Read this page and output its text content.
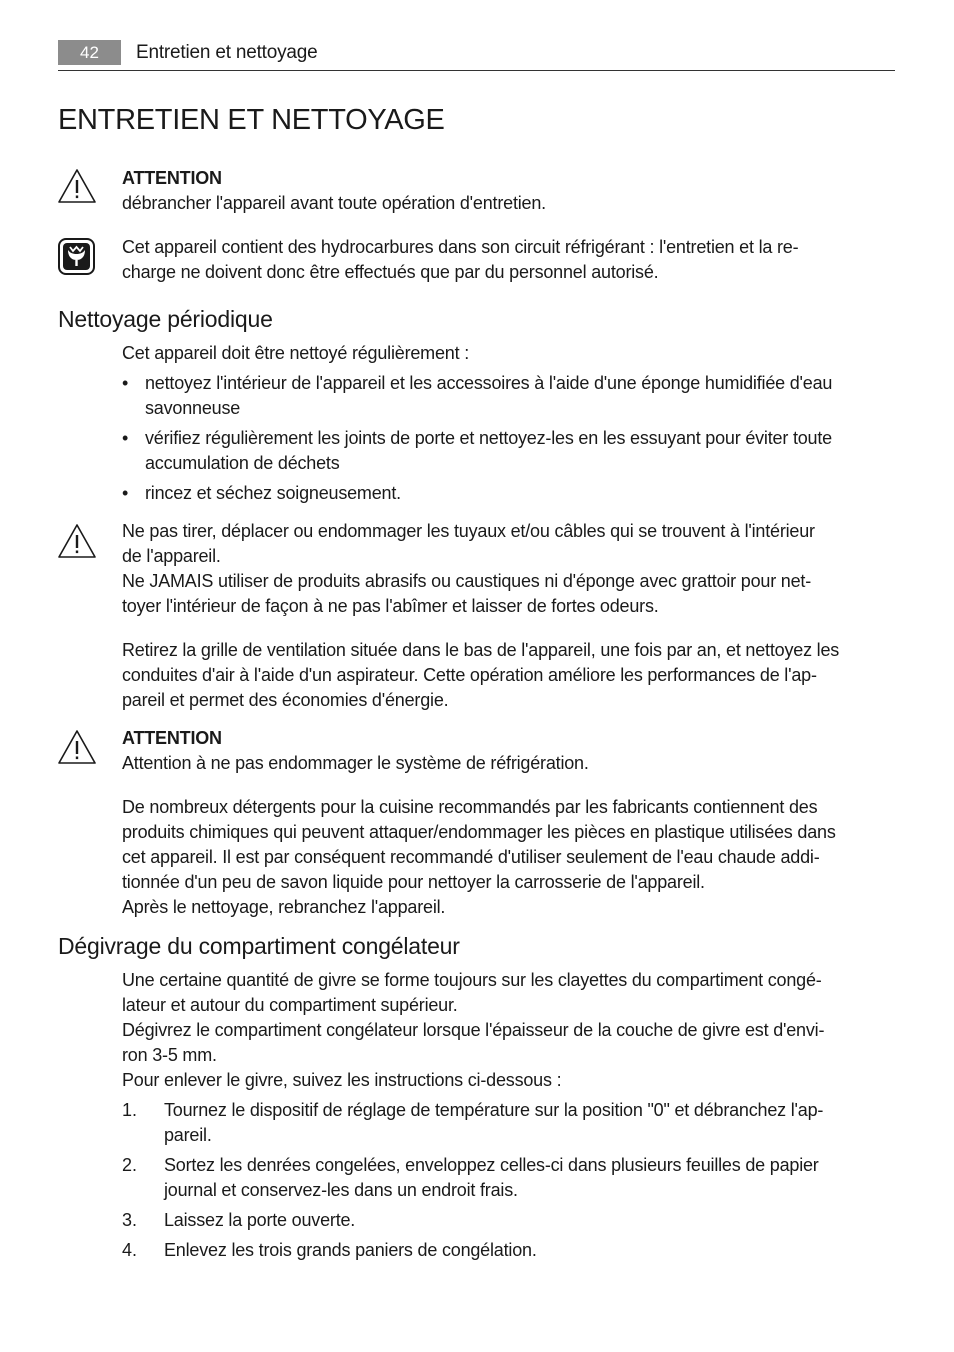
42	Entretien et nettoyage
ENTRETIEN ET NETTOYAGE
ATTENTION
débrancher l'appareil avant toute opération d'entretien.
Cet appareil contient des hydrocarbures dans son circuit réfrigérant : l'entretien et la re-
charge ne doivent donc être effectués que par du personnel autorisé.
Nettoyage périodique
Cet appareil doit être nettoyé régulièrement :
• nettoyez l'intérieur de l'appareil et les accessoires à l'aide d'une éponge humidifiée d'eau
savonneuse
• vérifiez régulièrement les joints de porte et nettoyez-les en les essuyant pour éviter toute
accumulation de déchets
• rincez et séchez soigneusement.
Ne pas tirer, déplacer ou endommager les tuyaux et/ou câbles qui se trouvent à l'intérieur
de l'appareil.
Ne JAMAIS utiliser de produits abrasifs ou caustiques ni d'éponge avec grattoir pour net-
toyer l'intérieur de façon à ne pas l'abîmer et laisser de fortes odeurs.
Retirez la grille de ventilation située dans le bas de l'appareil, une fois par an, et nettoyez les
conduites d'air à l'aide d'un aspirateur. Cette opération améliore les performances de l'ap-
pareil et permet des économies d'énergie.
ATTENTION
Attention à ne pas endommager le système de réfrigération.
De nombreux détergents pour la cuisine recommandés par les fabricants contiennent des
produits chimiques qui peuvent attaquer/endommager les pièces en plastique utilisées dans
cet appareil. Il est par conséquent recommandé d'utiliser seulement de l'eau chaude addi-
tionnée d'un peu de savon liquide pour nettoyer la carrosserie de l'appareil.
Après le nettoyage, rebranchez l'appareil.
Dégivrage du compartiment congélateur
Une certaine quantité de givre se forme toujours sur les clayettes du compartiment congé-
lateur et autour du compartiment supérieur.
Dégivrez le compartiment congélateur lorsque l'épaisseur de la couche de givre est d'envi-
ron 3-5 mm.
Pour enlever le givre, suivez les instructions ci-dessous :
1.	Tournez le dispositif de réglage de température sur la position "0" et débranchez l'ap-
pareil.
2.	Sortez les denrées congelées, enveloppez celles-ci dans plusieurs feuilles de papier
journal et conservez-les dans un endroit frais.
3.	Laissez la porte ouverte.
4.	Enlevez les trois grands paniers de congélation.
